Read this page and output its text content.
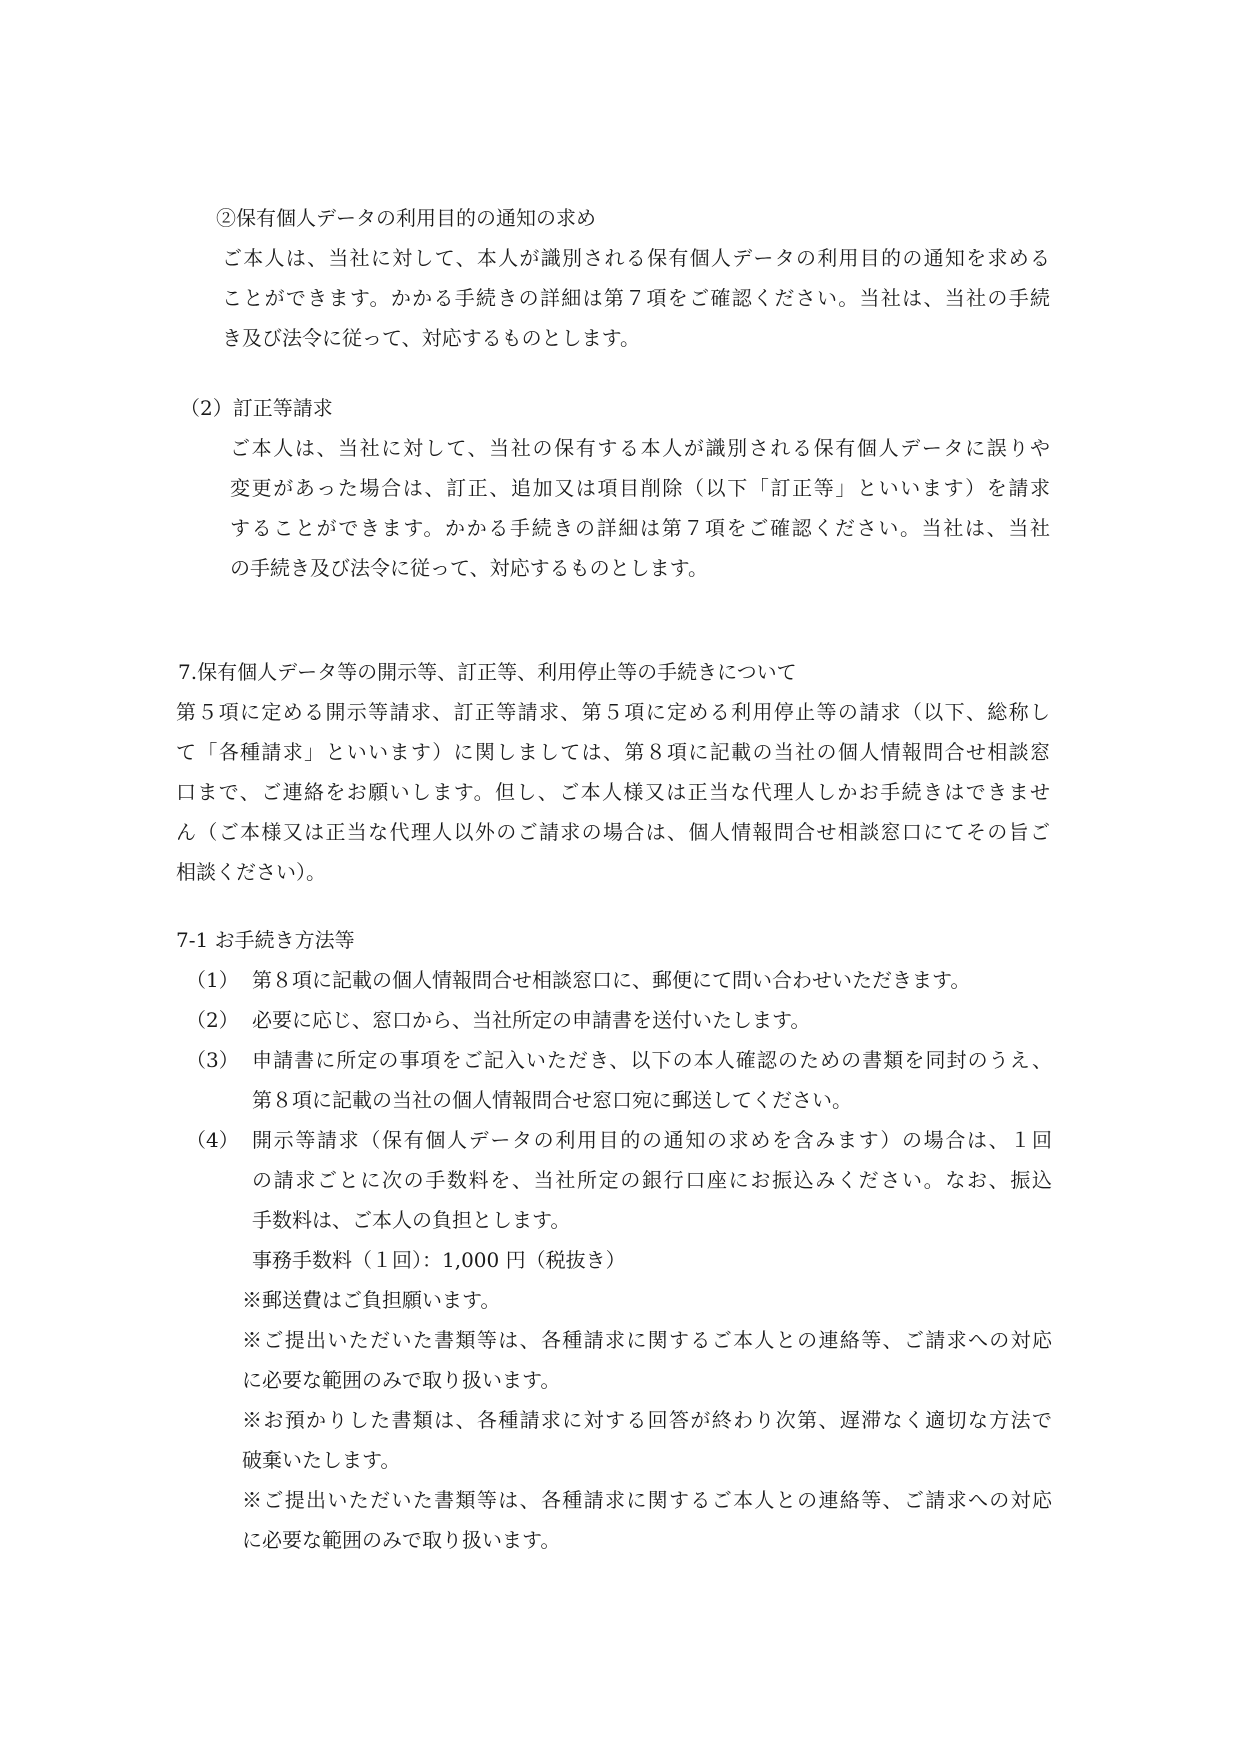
②保有個人データの利用目的の通知の求め
ご本人は、当社に対して、本人が識別される保有個人データの利用目的の通知を求める
ことができます。かかる手続きの詳細は第７項をご確認ください。当社は、当社の手続
き及び法令に従って、対応するものとします。
（2）訂正等請求
ご本人は、当社に対して、当社の保有する本人が識別される保有個人データに誤りや
変更があった場合は、訂正、追加又は項目削除（以下「訂正等」といいます）を請求
することができます。かかる手続きの詳細は第７項をご確認ください。当社は、当社
の手続き及び法令に従って、対応するものとします。
7.保有個人データ等の開示等、訂正等、利用停止等の手続きについて
第５項に定める開示等請求、訂正等請求、第５項に定める利用停止等の請求（以下、総称し
て「各種請求」といいます）に関しましては、第８項に記載の当社の個人情報問合せ相談窓
口まで、ご連絡をお願いします。但し、ご本人様又は正当な代理人しかお手続きはできませ
ん（ご本様又は正当な代理人以外のご請求の場合は、個人情報問合せ相談窓口にてその旨ご
相談ください）。
7-1 お手続き方法等
（1） 第８項に記載の個人情報問合せ相談窓口に、郵便にて問い合わせいただきます。
（2） 必要に応じ、窓口から、当社所定の申請書を送付いたします。
（3） 申請書に所定の事項をご記入いただき、以下の本人確認のための書類を同封のうえ、
第８項に記載の当社の個人情報問合せ窓口宛に郵送してください。
（4） 開示等請求（保有個人データの利用目的の通知の求めを含みます）の場合は、１回
の請求ごとに次の手数料を、当社所定の銀行口座にお振込みください。なお、振込
手数料は、ご本人の負担とします。
事務手数料（１回）：1,000 円（税抜き）
※郵送費はご負担願います。
※ご提出いただいた書類等は、各種請求に関するご本人との連絡等、ご請求への対応
に必要な範囲のみで取り扱います。
※お預かりした書類は、各種請求に対する回答が終わり次第、遅滞なく適切な方法で
破棄いたします。
※ご提出いただいた書類等は、各種請求に関するご本人との連絡等、ご請求への対応
に必要な範囲のみで取り扱います。
